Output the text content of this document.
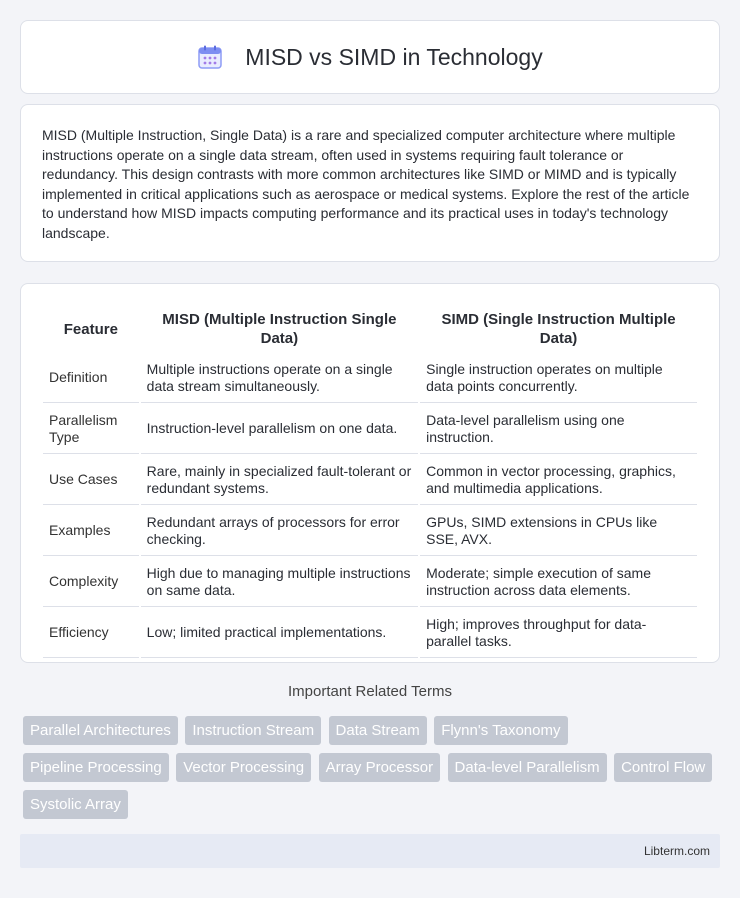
MISD vs SIMD in Technology

MISD (Multiple Instruction, Single Data) is a rare and specialized computer architecture where multiple instructions operate on a single data stream, often used in systems requiring fault tolerance or redundancy. This design contrasts with more common architectures like SIMD or MIMD and is typically implemented in critical applications such as aerospace or medical systems. Explore the rest of the article to understand how MISD impacts computing performance and its practical uses in today's technology landscape.

Feature	MISD (Multiple Instruction Single Data)	SIMD (Single Instruction Multiple Data)
Definition	Multiple instructions operate on a single data stream simultaneously.	Single instruction operates on multiple data points concurrently.
Parallelism Type	Instruction-level parallelism on one data.	Data-level parallelism using one instruction.
Use Cases	Rare, mainly in specialized fault-tolerant or redundant systems.	Common in vector processing, graphics, and multimedia applications.
Examples	Redundant arrays of processors for error checking.	GPUs, SIMD extensions in CPUs like SSE, AVX.
Complexity	High due to managing multiple instructions on same data.	Moderate; simple execution of same instruction across data elements.
Efficiency	Low; limited practical implementations.	High; improves throughput for data-parallel tasks.
Important Related Terms
Parallel Architectures Instruction Stream Data Stream Flynn's Taxonomy Pipeline Processing Vector Processing Array Processor Data-level Parallelism Control Flow Systolic Array
Libterm.com
